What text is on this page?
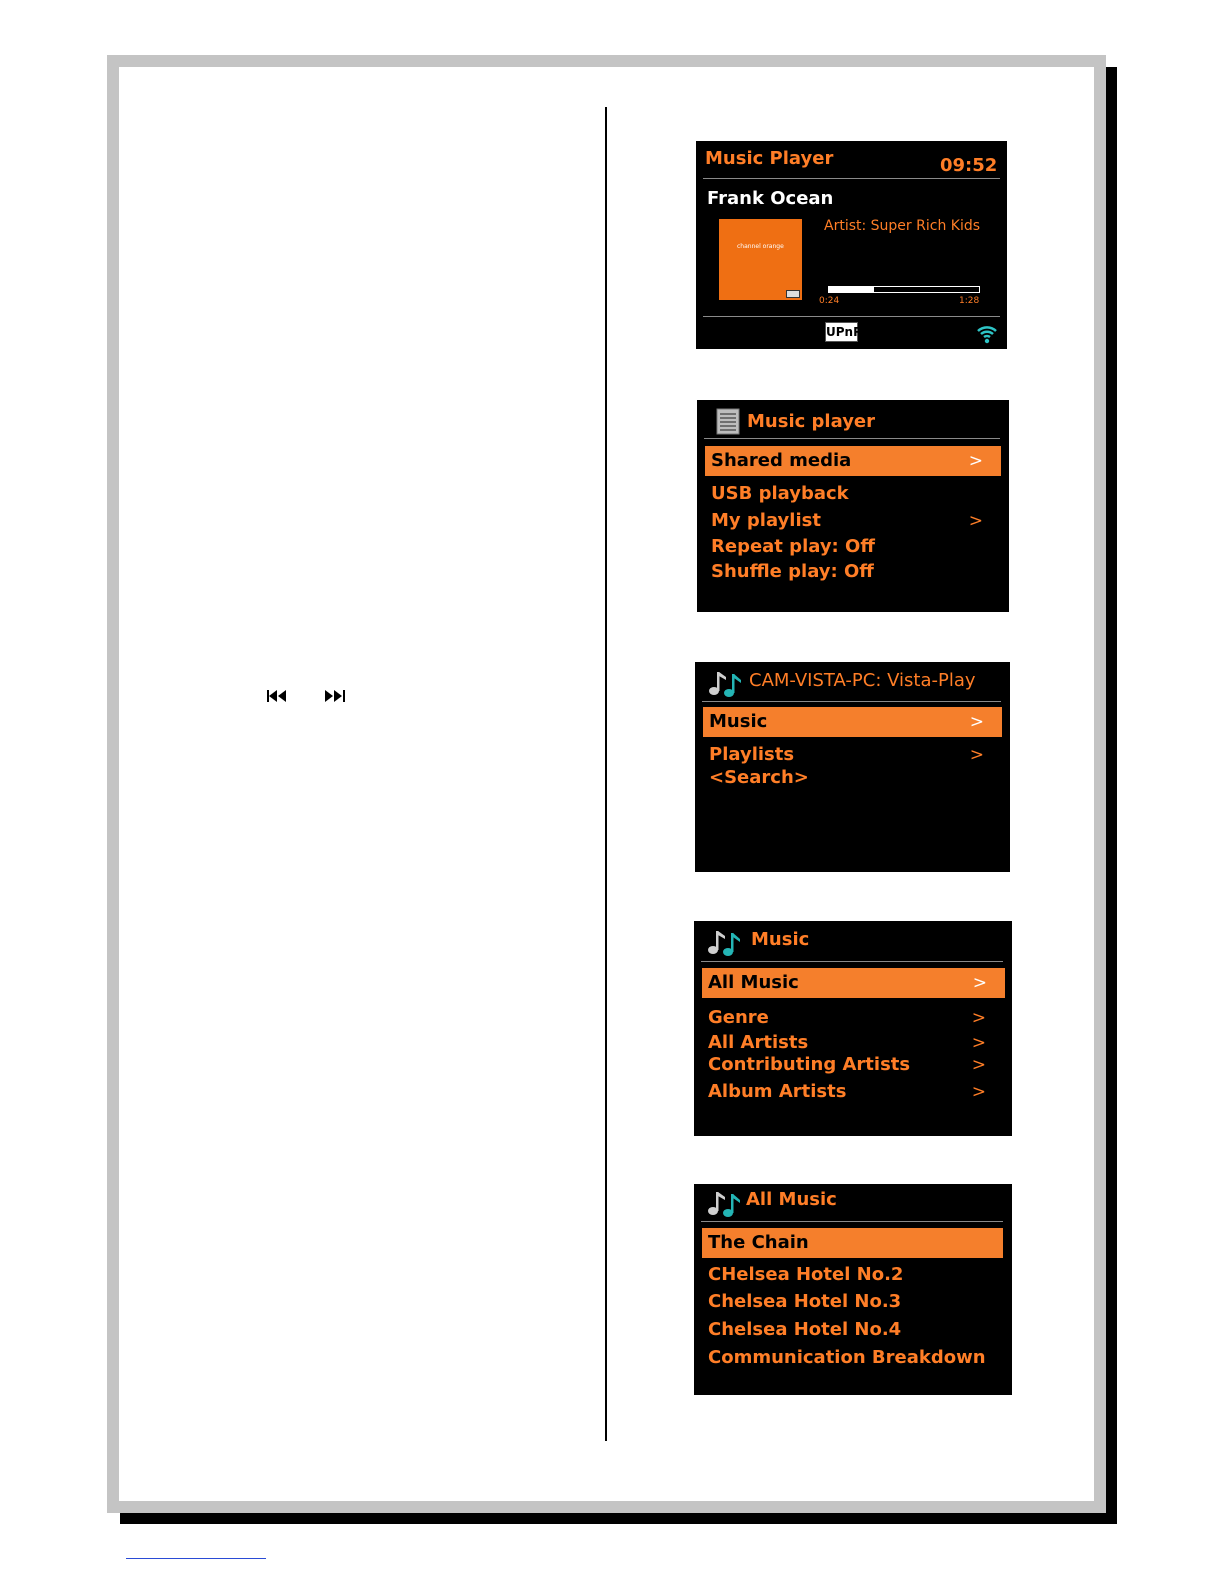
Music Player	09:52
Frank Ocean
channel orange
Artist: Super Rich Kids
0:24	1:28
UPnP
Music player
Shared media	>
USB playback
My playlist	>
Repeat play: Off
Shuffle play: Off
CAM-VISTA-PC: Vista-Play
Music	>
Playlists	>
<Search>
Music
All Music	>
Genre	>
All Artists	>
Contributing Artists	>
Album Artists	>
All Music
The Chain
CHelsea Hotel No.2
Chelsea Hotel No.3
Chelsea Hotel No.4
Communication Breakdown
